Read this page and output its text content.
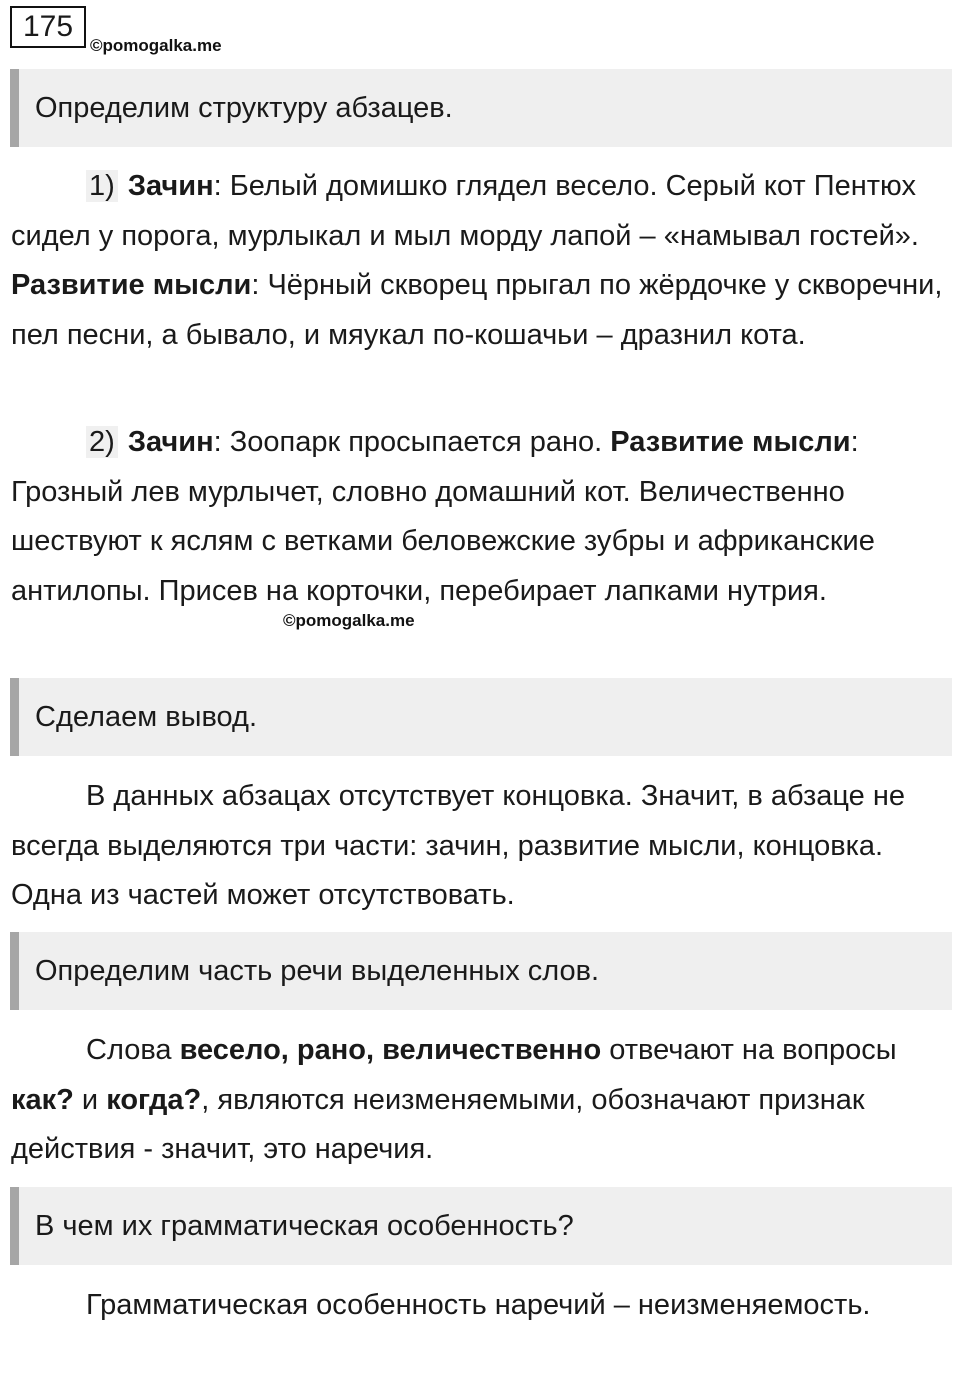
175
©pomogalka.me
Определим структуру абзацев.
1) Зачин: Белый домишко глядел весело. Серый кот Пентюх сидел у порога, мурлыкал и мыл морду лапой – «намывал гостей». Развитие мысли: Чёрный скворец прыгал по жёрдочке у скворечни, пел песни, а бывало, и мяукал по-кошачьи – дразнил кота.
2) Зачин: Зоопарк просыпается рано. Развитие мысли: Грозный лев мурлычет, словно домашний кот. Величественно шествуют к яслям с ветками беловежские зубры и африканские антилопы. Присев на корточки, перебирает лапками нутрия.
©pomogalka.me
Сделаем вывод.
В данных абзацах отсутствует концовка. Значит, в абзаце не всегда выделяются три части: зачин, развитие мысли, концовка. Одна из частей может отсутствовать.
Определим часть речи выделенных слов.
Слова весело, рано, величественно отвечают на вопросы как? и когда?, являются неизменяемыми, обозначают признак действия - значит, это наречия.
В чем их грамматическая особенность?
Грамматическая особенность наречий – неизменяемость.
